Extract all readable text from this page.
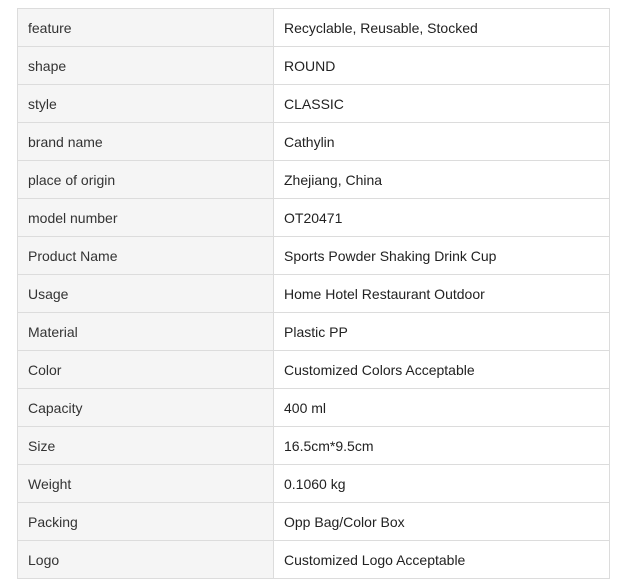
feature	Recyclable, Reusable, Stocked
shape	ROUND
style	CLASSIC
brand name	Cathylin
place of origin	Zhejiang, China
model number	OT20471
Product Name	Sports Powder Shaking Drink Cup
Usage	Home Hotel Restaurant Outdoor
Material	Plastic PP
Color	Customized Colors Acceptable
Capacity	400 ml
Size	16.5cm*9.5cm
Weight	0.1060 kg
Packing	Opp Bag/Color Box
Logo	Customized Logo Acceptable
